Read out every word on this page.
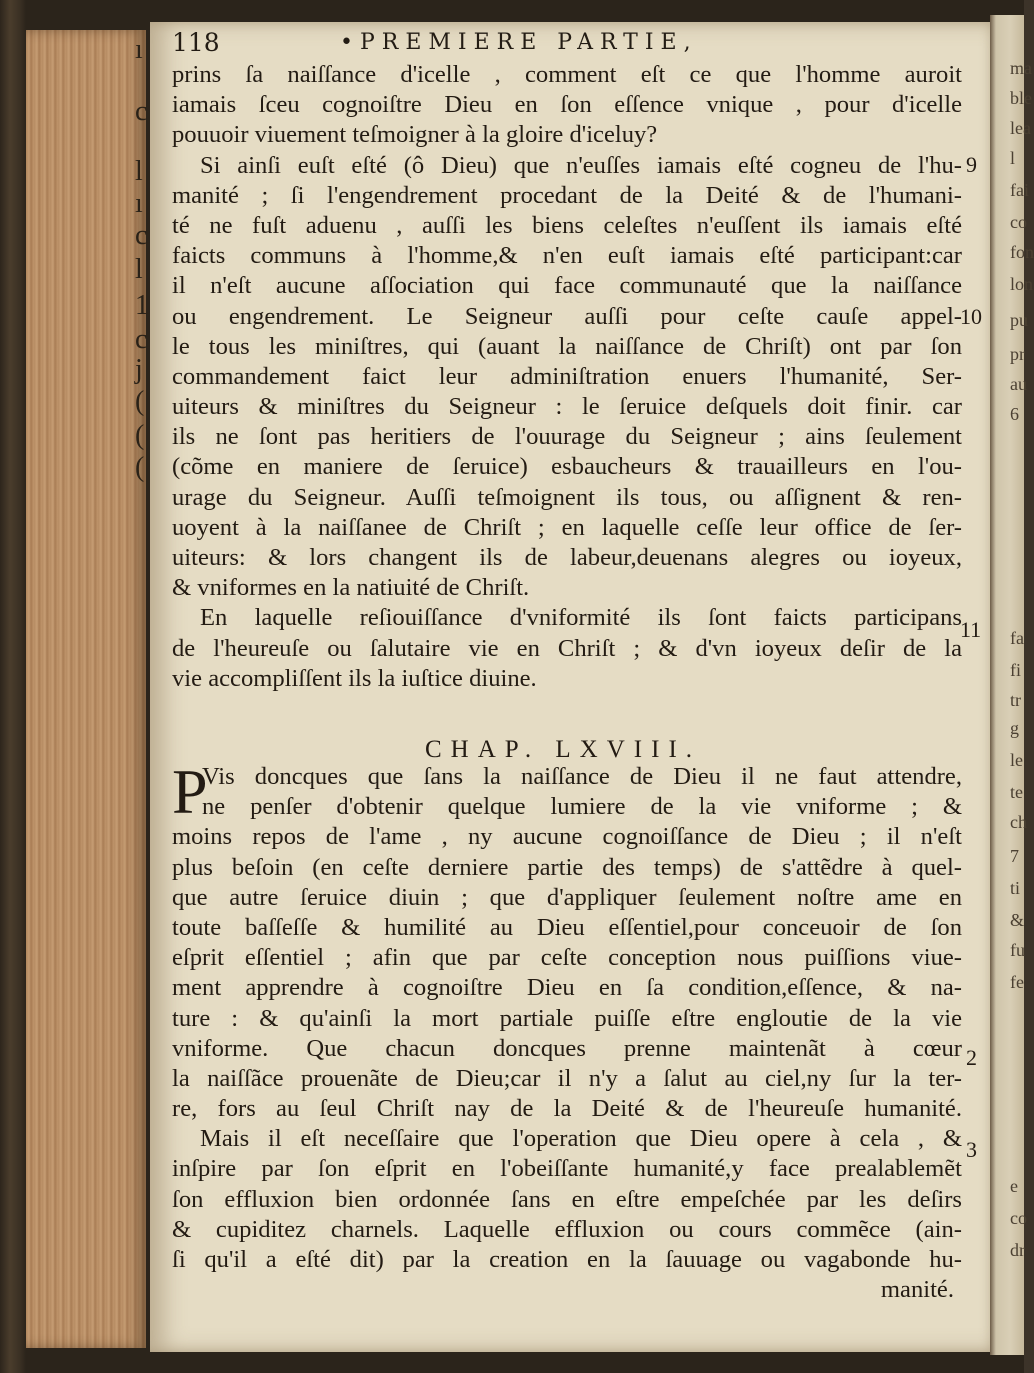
ı
c
l
ı
c
l
1
c
j
(
(
(
ma
ble
lea
l
fai
co
fon
lon
pu
pr
au
6
fa
fi
tr
g
le
te
ch
7
ti
&
fu
fe
e
co
dr
118	•PREMIERE PARTIE,
prins ſa naiſſance d'icelle , comment eſt ce que l'homme auroit
iamais ſceu cognoiſtre Dieu en ſon eſſence vnique , pour d'icelle
pouuoir viuement teſmoigner à la gloire d'iceluy?
Si ainſi euſt eſté (ô Dieu) que n'euſſes iamais eſté cogneu de l'hu-
manité ; ſi l'engendrement procedant de la Deité & de l'humani-
té ne fuſt aduenu , auſſi les biens celeſtes n'euſſent ils iamais eſté
faicts communs à l'homme,& n'en euſt iamais eſté participant:car
il n'eſt aucune aſſociation qui face communauté que la naiſſance
ou engendrement. Le Seigneur auſſi pour ceſte cauſe appel-
le tous les miniſtres, qui (auant la naiſſance de Chriſt) ont par ſon
commandement faict leur adminiſtration enuers l'humanité, Ser-
uiteurs & miniſtres du Seigneur : le ſeruice deſquels doit finir. car
ils ne ſont pas heritiers de l'ouurage du Seigneur ; ains ſeulement
(cõme en maniere de ſeruice) esbaucheurs & trauailleurs en l'ou-
urage du Seigneur. Auſſi teſmoignent ils tous, ou aſſignent & ren-
uoyent à la naiſſanee de Chriſt ; en laquelle ceſſe leur office de ſer-
uiteurs: & lors changent ils de labeur,deuenans alegres ou ioyeux,
& vniformes en la natiuité de Chriſt.
En laquelle reſiouiſſance d'vniformité ils ſont faicts participans
de l'heureuſe ou ſalutaire vie en Chriſt ; & d'vn ioyeux deſir de la
vie accompliſſent ils la iuſtice diuine.
CHAP. LXVIII.
P
Vis doncques que ſans la naiſſance de Dieu il ne faut attendre,
ne penſer d'obtenir quelque lumiere de la vie vniforme ; &
moins repos de l'ame , ny aucune cognoiſſance de Dieu ; il n'eſt
plus beſoin (en ceſte derniere partie des temps) de s'attẽdre à quel-
que autre ſeruice diuin ; que d'appliquer ſeulement noſtre ame en
toute baſſeſſe & humilité au Dieu eſſentiel,pour conceuoir de ſon
eſprit eſſentiel ; afin que par ceſte conception nous puiſſions viue-
ment apprendre à cognoiſtre Dieu en ſa condition,eſſence, & na-
ture : & qu'ainſi la mort partiale puiſſe eſtre engloutie de la vie
vniforme. Que chacun doncques prenne maintenãt à cœur
la naiſſãce prouenãte de Dieu;car il n'y a ſalut au ciel,ny ſur la ter-
re, fors au ſeul Chriſt nay de la Deité & de l'heureuſe humanité.
Mais il eſt neceſſaire que l'operation que Dieu opere à cela , &
inſpire par ſon eſprit en l'obeiſſante humanité,y face prealablemẽt
ſon effluxion bien ordonnée ſans en eſtre empeſchée par les deſirs
& cupiditez charnels. Laquelle effluxion ou cours commẽce (ain-
ſi qu'il a eſté dit) par la creation en la ſauuage ou vagabonde hu-
manité.
9
10
11
2
3
